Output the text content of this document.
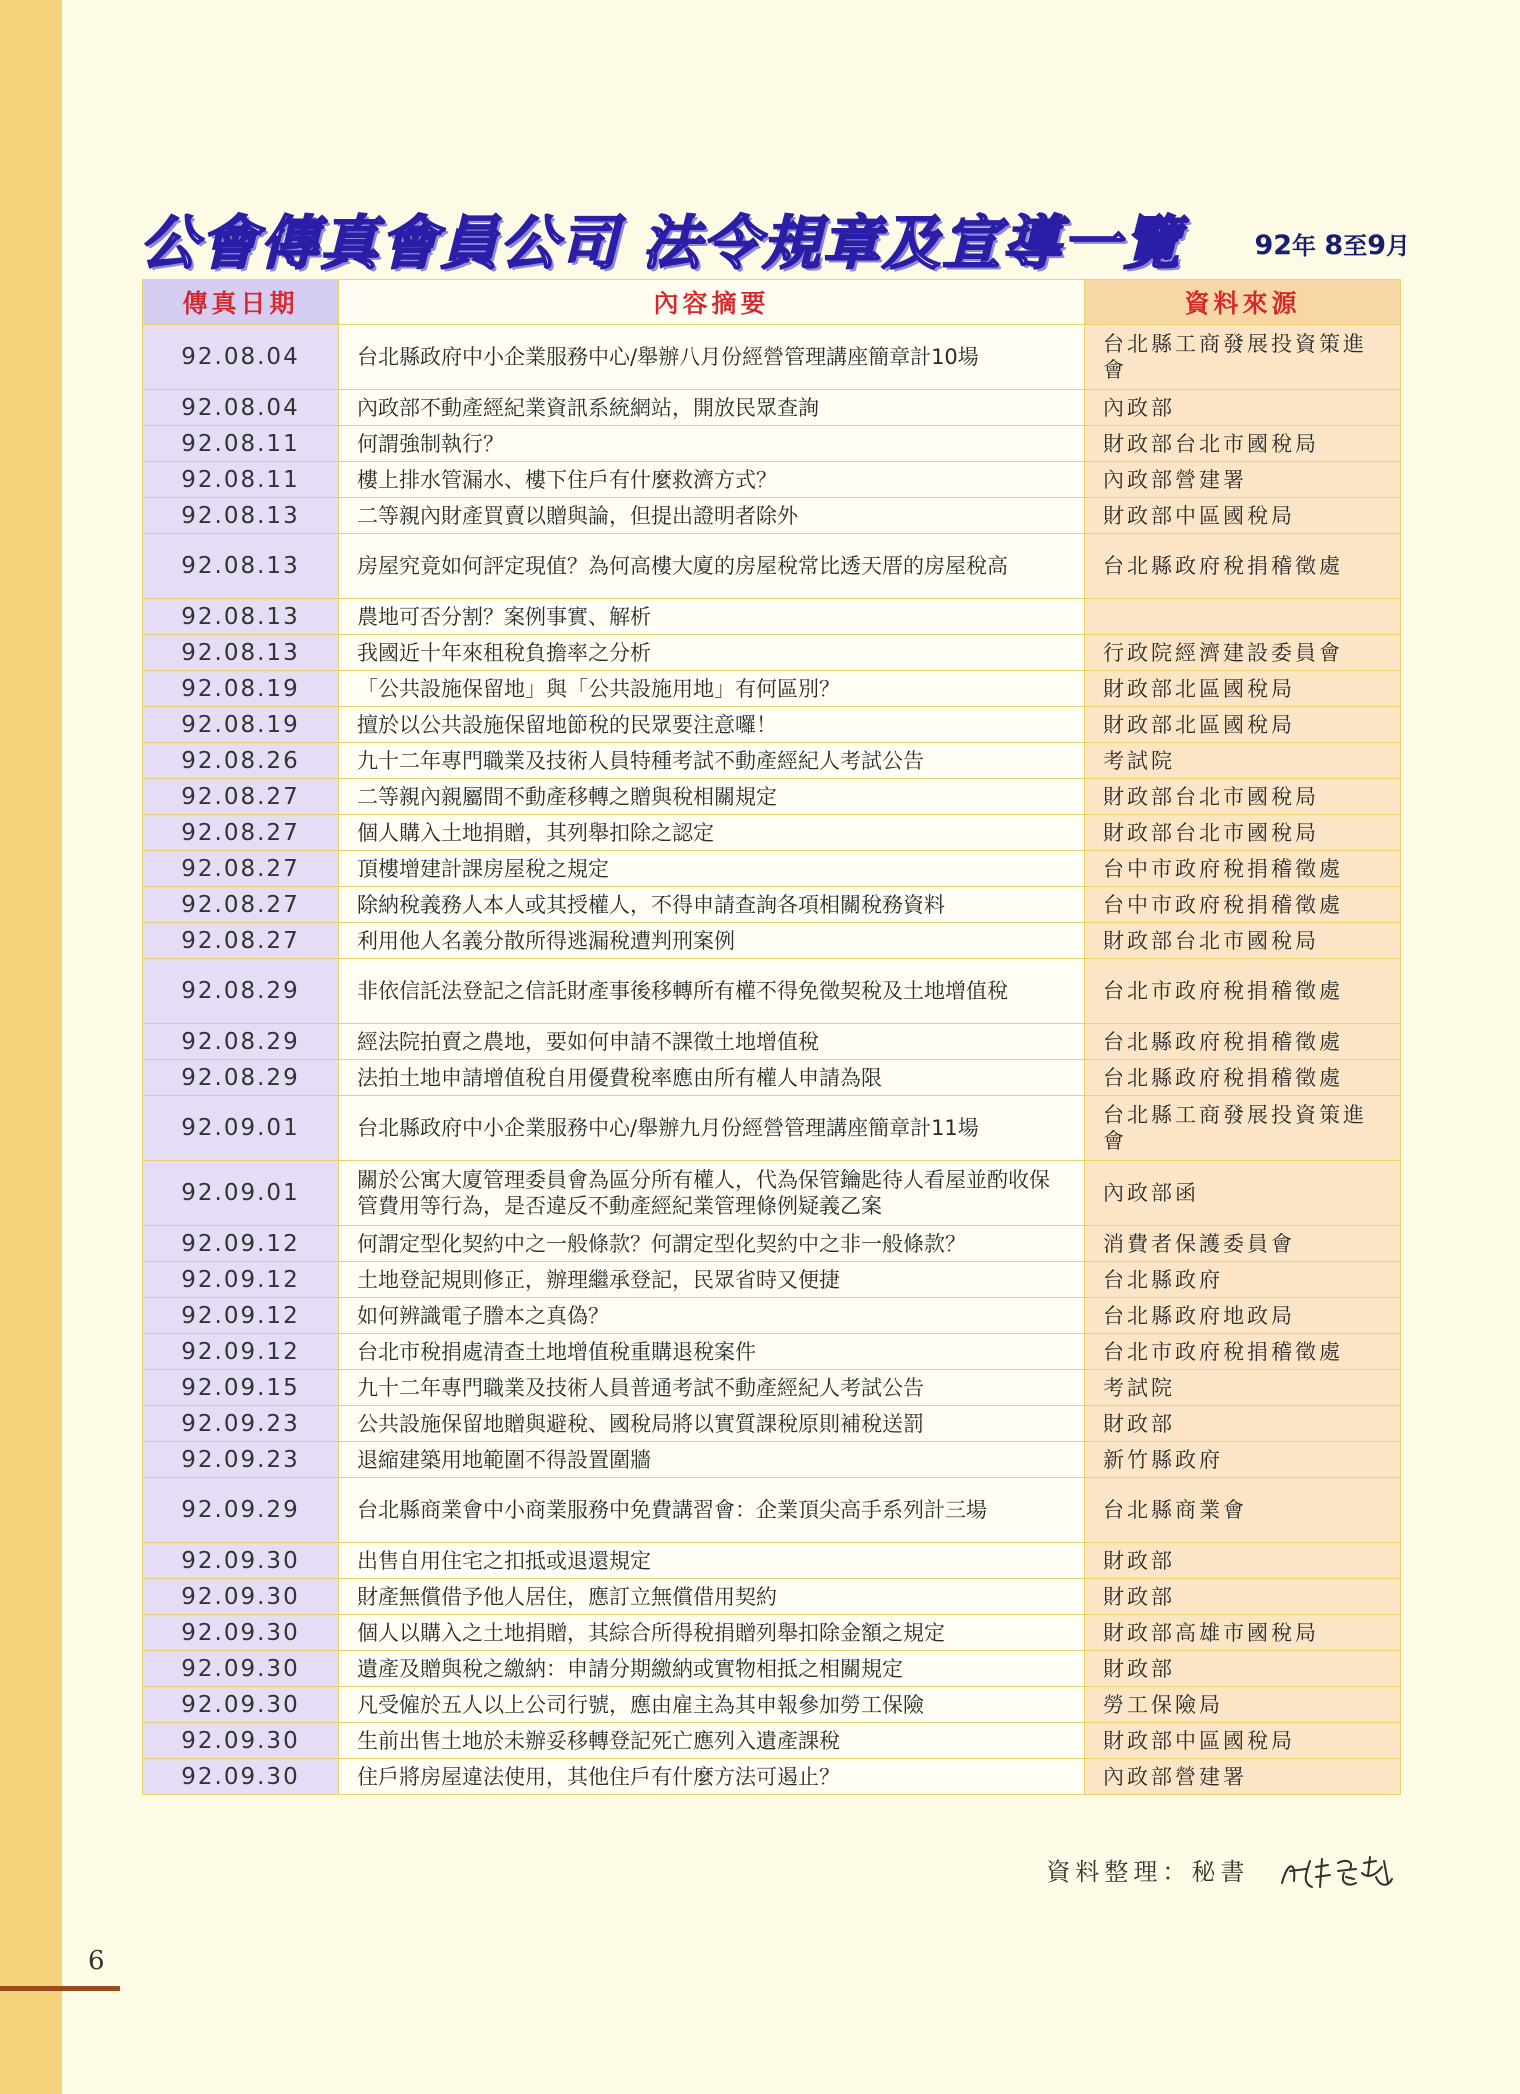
公會傳真會員公司 法令規章及宣導一覽	92年 8至9月
傳真日期	內容摘要	資料來源
92.08.04	台北縣政府中小企業服務中心/舉辦八月份經營管理講座簡章計10場	台北縣工商發展投資策進會
92.08.04	內政部不動產經紀業資訊系統網站，開放民眾查詢	內政部
92.08.11	何謂強制執行？	財政部台北市國稅局
92.08.11	樓上排水管漏水、樓下住戶有什麼救濟方式？	內政部營建署
92.08.13	二等親內財產買賣以贈與論，但提出證明者除外	財政部中區國稅局
92.08.13	房屋究竟如何評定現值？為何高樓大廈的房屋稅常比透天厝的房屋稅高	台北縣政府稅捐稽徵處
92.08.13	農地可否分割？案例事實、解析	
92.08.13	我國近十年來租稅負擔率之分析	行政院經濟建設委員會
92.08.19	「公共設施保留地」與「公共設施用地」有何區別？	財政部北區國稅局
92.08.19	擅於以公共設施保留地節稅的民眾要注意囉！	財政部北區國稅局
92.08.26	九十二年專門職業及技術人員特種考試不動產經紀人考試公告	考試院
92.08.27	二等親內親屬間不動產移轉之贈與稅相關規定	財政部台北市國稅局
92.08.27	個人購入土地捐贈，其列舉扣除之認定	財政部台北市國稅局
92.08.27	頂樓增建計課房屋稅之規定	台中市政府稅捐稽徵處
92.08.27	除納稅義務人本人或其授權人，不得申請查詢各項相關稅務資料	台中市政府稅捐稽徵處
92.08.27	利用他人名義分散所得逃漏稅遭判刑案例	財政部台北市國稅局
92.08.29	非依信託法登記之信託財產事後移轉所有權不得免徵契稅及土地增值稅	台北市政府稅捐稽徵處
92.08.29	經法院拍賣之農地，要如何申請不課徵土地增值稅	台北縣政府稅捐稽徵處
92.08.29	法拍土地申請增值稅自用優費稅率應由所有權人申請為限	台北縣政府稅捐稽徵處
92.09.01	台北縣政府中小企業服務中心/舉辦九月份經營管理講座簡章計11場	台北縣工商發展投資策進會
92.09.01	關於公寓大廈管理委員會為區分所有權人，代為保管鑰匙待人看屋並酌收保管費用等行為，是否違反不動產經紀業管理條例疑義乙案	內政部函
92.09.12	何謂定型化契約中之一般條款？何謂定型化契約中之非一般條款？	消費者保護委員會
92.09.12	土地登記規則修正，辦理繼承登記，民眾省時又便捷	台北縣政府
92.09.12	如何辨識電子謄本之真偽？	台北縣政府地政局
92.09.12	台北市稅捐處清查土地增值稅重購退稅案件	台北市政府稅捐稽徵處
92.09.15	九十二年專門職業及技術人員普通考試不動產經紀人考試公告	考試院
92.09.23	公共設施保留地贈與避稅、國稅局將以實質課稅原則補稅送罰	財政部
92.09.23	退縮建築用地範圍不得設置圍牆	新竹縣政府
92.09.29	台北縣商業會中小商業服務中免費講習會：企業頂尖高手系列計三場	台北縣商業會
92.09.30	出售自用住宅之扣抵或退還規定	財政部
92.09.30	財產無償借予他人居住，應訂立無償借用契約	財政部
92.09.30	個人以購入之土地捐贈，其綜合所得稅捐贈列舉扣除金額之規定	財政部高雄市國稅局
92.09.30	遺產及贈與稅之繳納：申請分期繳納或實物相抵之相關規定	財政部
92.09.30	凡受僱於五人以上公司行號，應由雇主為其申報參加勞工保險	勞工保險局
92.09.30	生前出售土地於未辦妥移轉登記死亡應列入遺產課稅	財政部中區國稅局
92.09.30	住戶將房屋違法使用，其他住戶有什麼方法可遏止？	內政部營建署
資料整理：秘書
6
